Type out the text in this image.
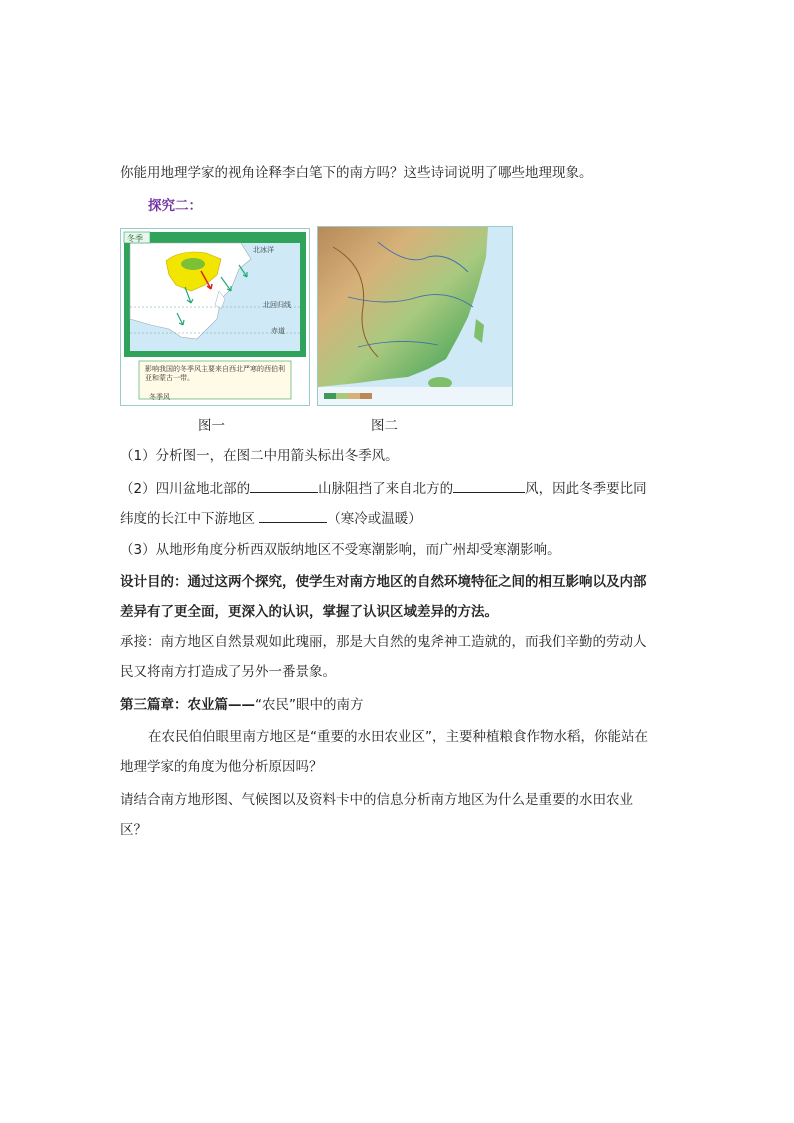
你能用地理学家的视角诠释李白笔下的南方吗？这些诗词说明了哪些地理现象。
探究二：
冬季
北冰洋
北回归线
赤道
影响我国的冬季风主要来自西北严寒的西伯利亚和蒙古一带。
冬季风
图一	图二
（1）分析图一，在图二中用箭头标出冬季风。
（2）四川盆地北部的	山脉阻挡了来自北方的	风，因此冬季要比同
纬度的长江中下游地区	（寒冷或温暖）
（3）从地形角度分析西双版纳地区不受寒潮影响，而广州却受寒潮影响。
设计目的：通过这两个探究，使学生对南方地区的自然环境特征之间的相互影响以及内部
差异有了更全面，更深入的认识，掌握了认识区域差异的方法。
承接：南方地区自然景观如此瑰丽，那是大自然的鬼斧神工造就的，而我们辛勤的劳动人
民又将南方打造成了另外一番景象。
第三篇章：农业篇——“农民”眼中的南方
在农民伯伯眼里南方地区是“重要的水田农业区”，主要种植粮食作物水稻，你能站在
地理学家的角度为他分析原因吗？
请结合南方地形图、气候图以及资料卡中的信息分析南方地区为什么是重要的水田农业
区？
